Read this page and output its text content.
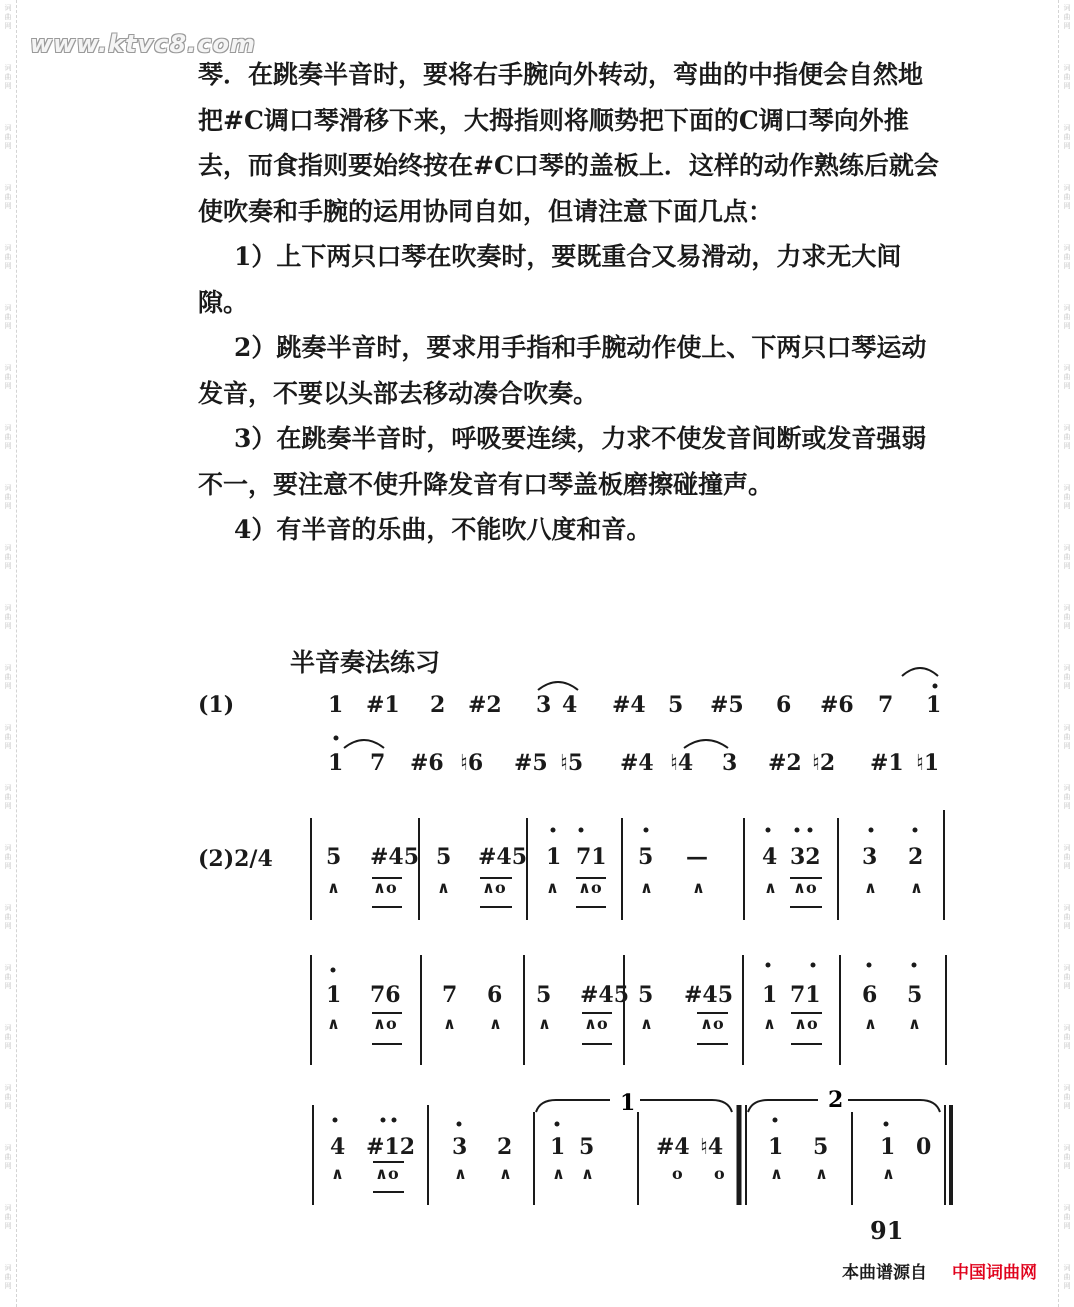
词
曲
网
词
曲
网
词
曲
网
词
曲
网
词
曲
网
词
曲
网
词
曲
网
词
曲
网
词
曲
网
词
曲
网
词
曲
网
词
曲
网
词
曲
网
词
曲
网
词
曲
网
词
曲
网
词
曲
网
词
曲
网
词
曲
网
词
曲
网
词
曲
网
词
曲
网
词
曲
网
词
曲
网
词
曲
网
词
曲
网
词
曲
网
词
曲
网
词
曲
网
词
曲
网
词
曲
网
词
曲
网
词
曲
网
词
曲
网
词
曲
网
词
曲
网
词
曲
网
词
曲
网
词
曲
网
词
曲
网
词
曲
网
词
曲
网
词
曲
网
词
曲
网
www.ktvc8.com

琴．在跳奏半音时，要将右手腕向外转动，弯曲的中指便会自然地把#C调口琴滑移下来，大拇指则将顺势把下面的C调口琴向外推去，而食指则要始终按在#C口琴的盖板上．这样的动作熟练后就会使吹奏和手腕的运用协同自如，但请注意下面几点：

1）上下两只口琴在吹奏时，要既重合又易滑动，力求无大间隙。

2）跳奏半音时，要求用手指和手腕动作使上、下两只口琴运动发音，不要以头部去移动凑合吹奏。

3）在跳奏半音时，呼吸要连续，力求不使发音间断或发音强弱不一，要注意不使升降发音有口琴盖板磨擦碰撞声。

4）有半音的乐曲，不能吹八度和音。

半音奏法练习
(1)
(2)2/4
1 #1 2 #2 3 4 #4 5 #5 6 #6 7 1
1 7 #6 ♮6 #5 ♮5 #4 ♮4 3 #2 ♮2 #1 ♮1
5 #45 5 #45 1 71 5 — 4 32 3 2
1 76 7 6 5 #45 5 #45 1 71 6 5
4 #12 3 2 1 5	#4 ♮4 1 5 1 0
∧ ∧o	∧ ∧o	∧ ∧o ∧ ∧	∧ ∧o	∧ ∧
∧ ∧o	∧ ∧ ∧ ∧o ∧	∧o ∧ ∧o	∧ ∧
∧ ∧o	∧ ∧	∧ ∧	o o	∧ ∧	∧
1	2
91
本曲谱源自 中国词曲网
